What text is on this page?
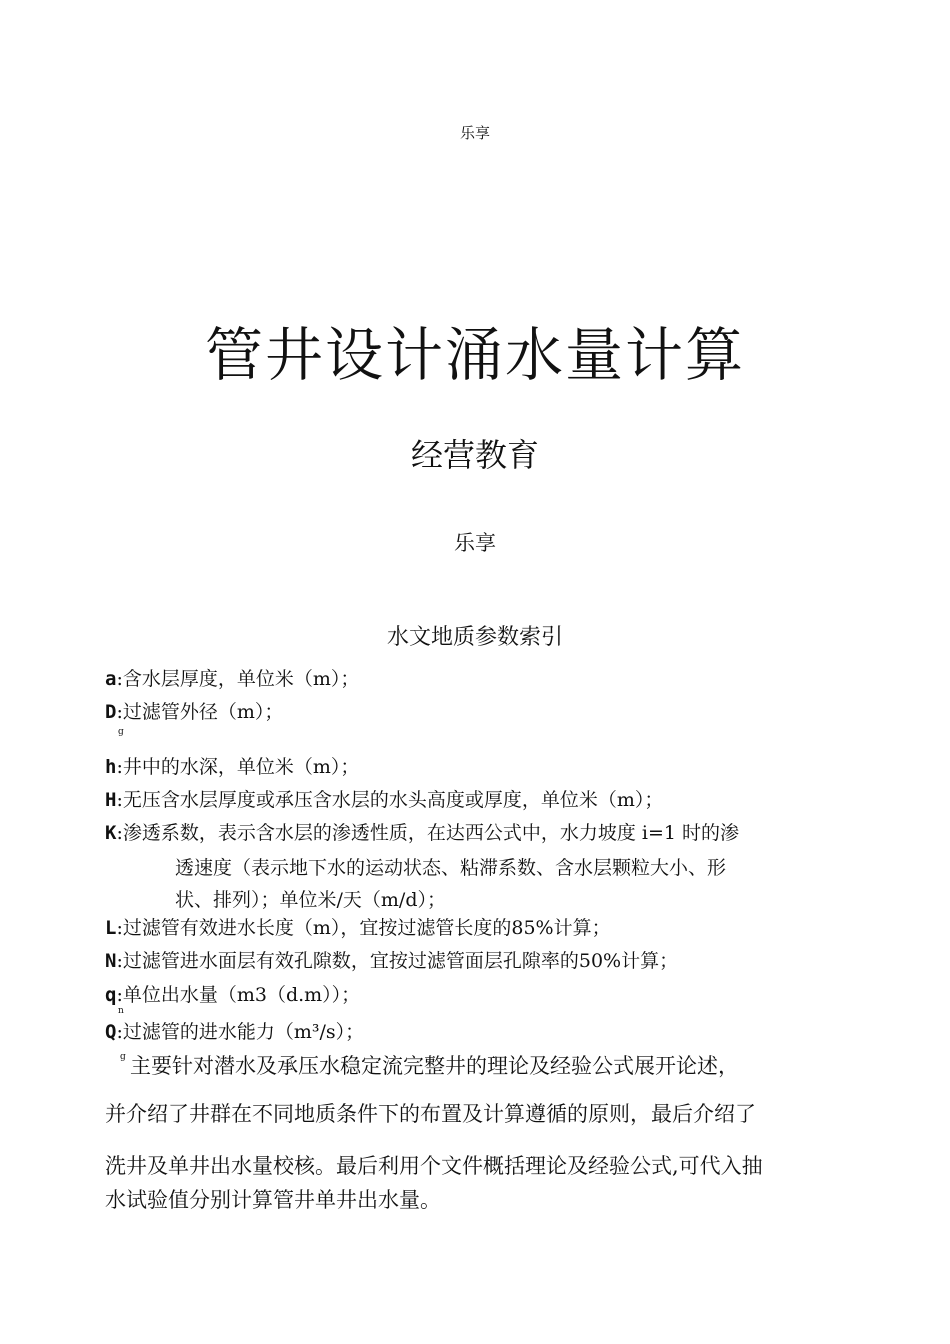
乐享
管井设计涌水量计算
经营教育
乐享
水文地质参数索引
a:含水层厚度，单位米（m）；
D:过滤管外径（m）；
g
h:井中的水深，单位米（m）；
H:无压含水层厚度或承压含水层的水头高度或厚度，单位米（m）；
K:渗透系数，表示含水层的渗透性质，在达西公式中，水力坡度 i=1 时的渗
透速度（表示地下水的运动状态、粘滞系数、含水层颗粒大小、形
状、排列）；单位米/天（m/d）；
L:过滤管有效进水长度（m），宜按过滤管长度的85%计算；
N:过滤管进水面层有效孔隙数，宜按过滤管面层孔隙率的50%计算；
q:单位出水量（m3（d.m））；
n
Q:过滤管的进水能力（m³/s）；
g 主要针对潜水及承压水稳定流完整井的理论及经验公式展开论述，
并介绍了井群在不同地质条件下的布置及计算遵循的原则，最后介绍了
洗井及单井出水量校核。最后利用个文件概括理论及经验公式,可代入抽
水试验值分别计算管井单井出水量。
